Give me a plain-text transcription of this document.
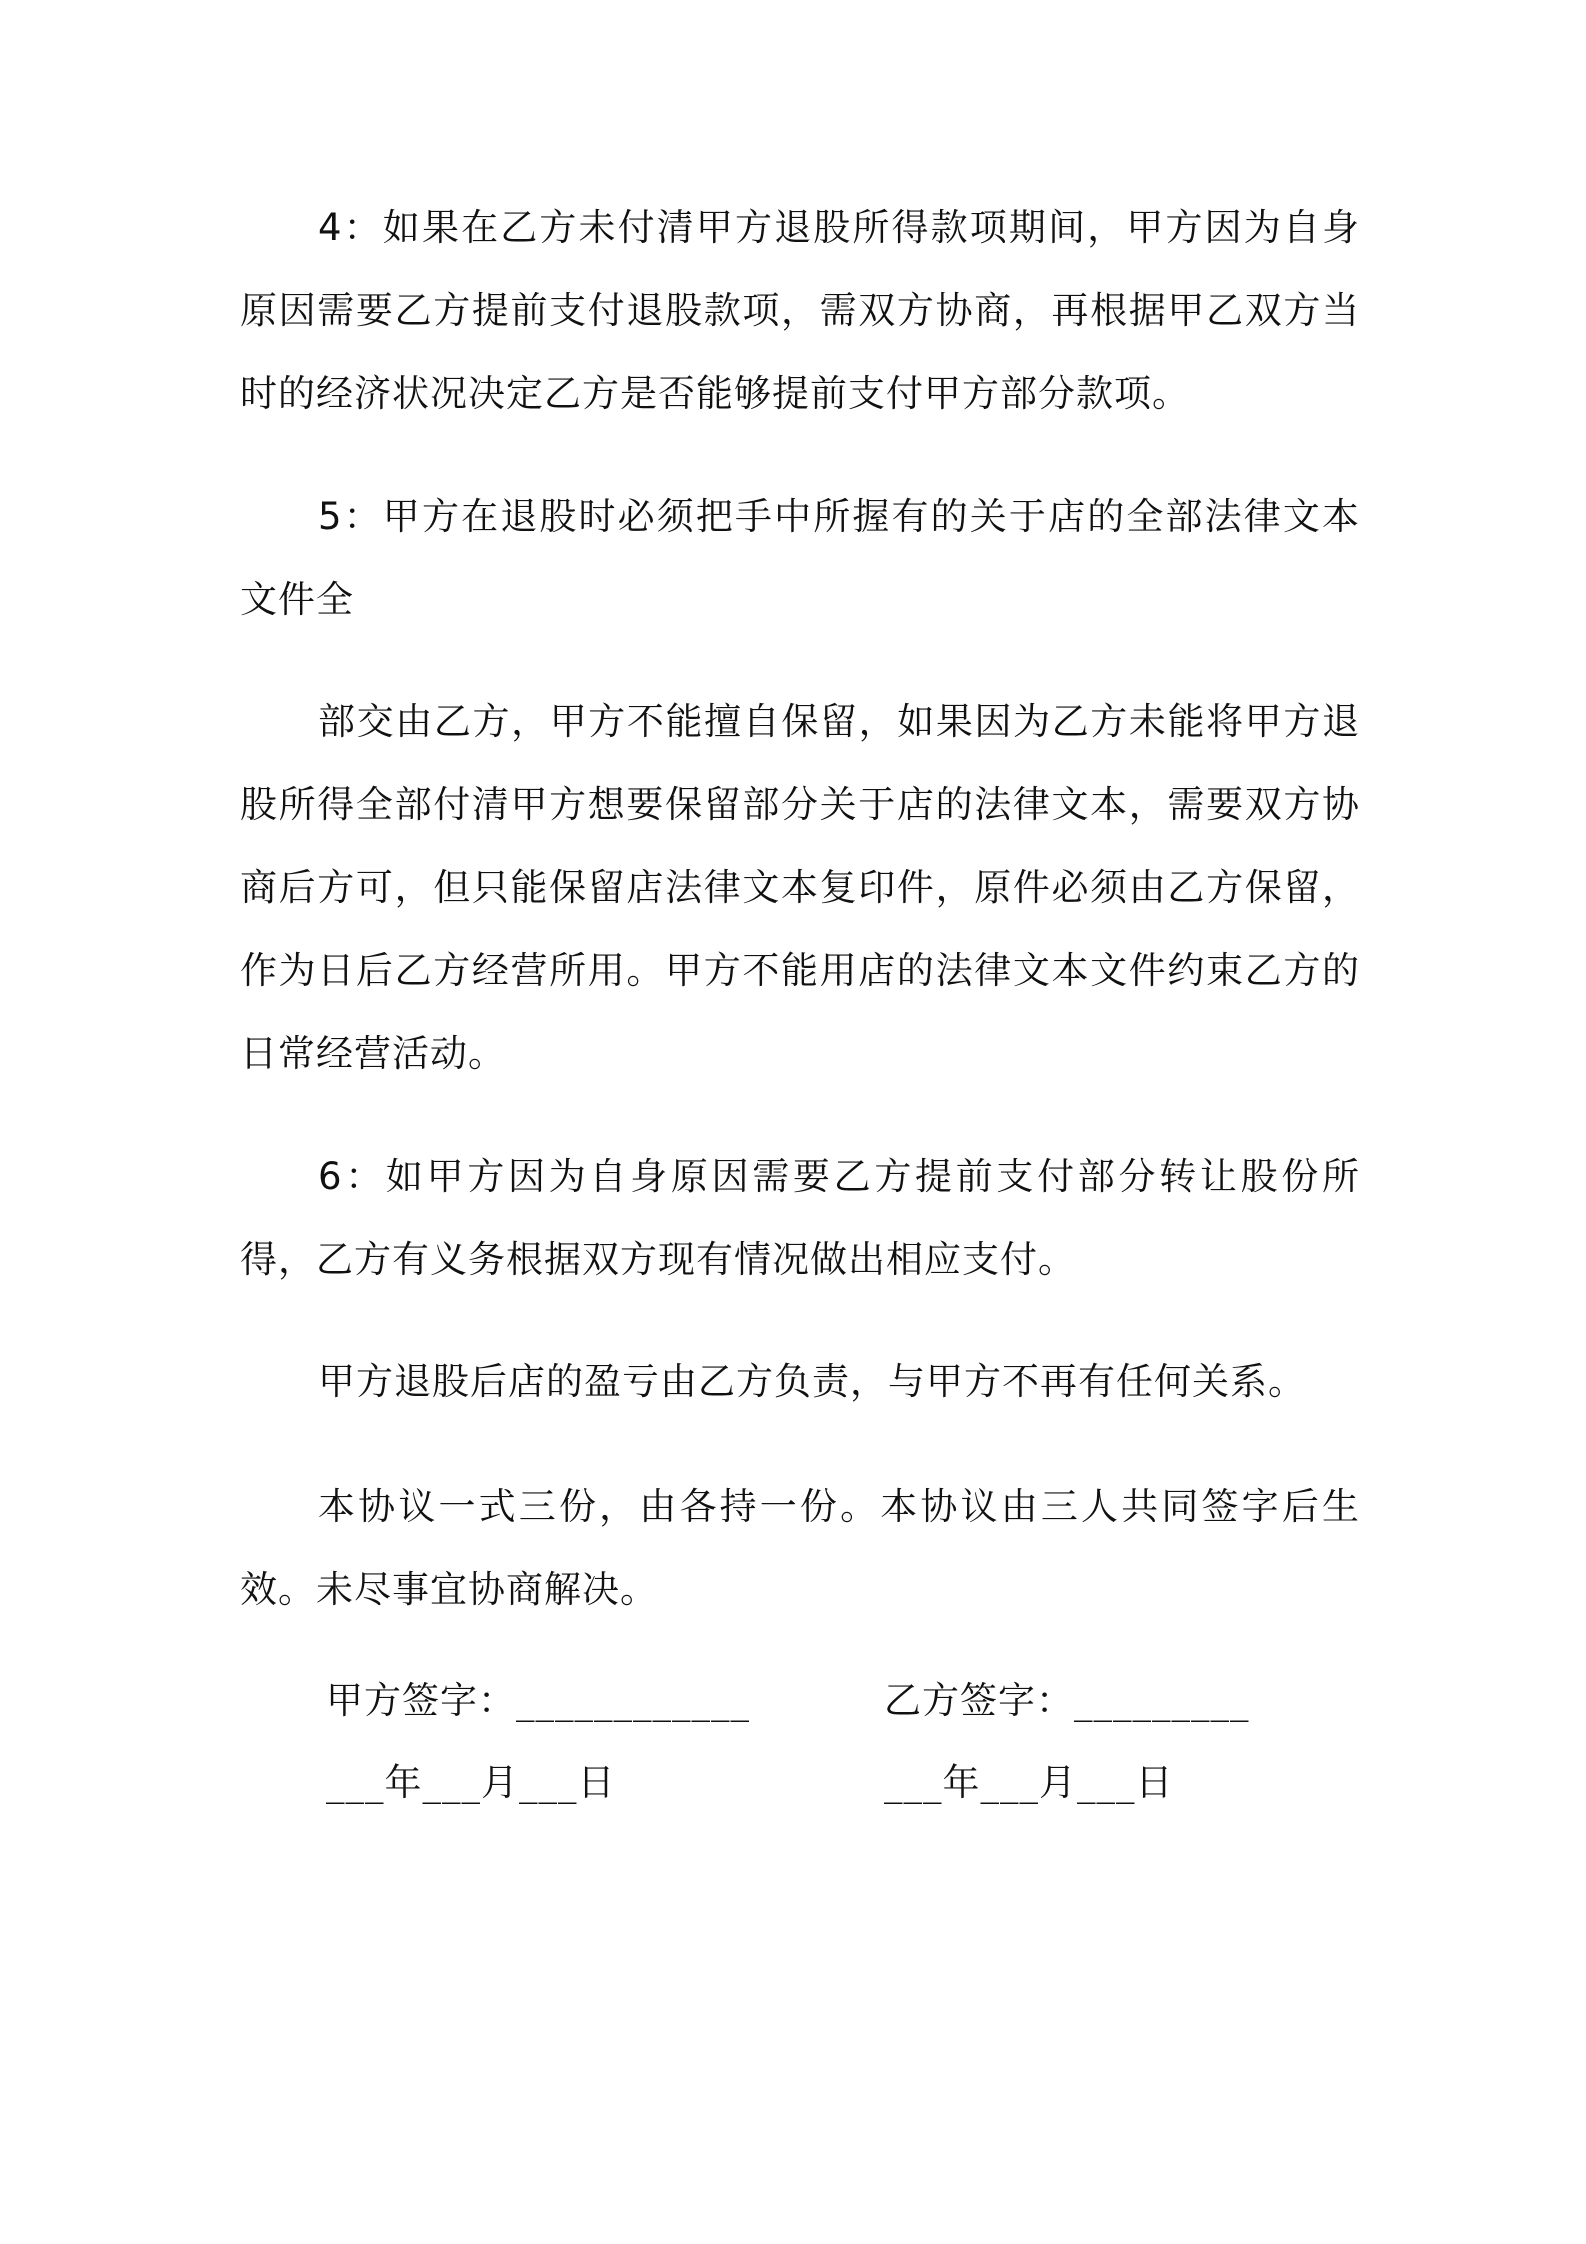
4：如果在乙方未付清甲方退股所得款项期间，甲方因为自身原因需要乙方提前支付退股款项，需双方协商，再根据甲乙双方当时的经济状况决定乙方是否能够提前支付甲方部分款项。

5：甲方在退股时必须把手中所握有的关于店的全部法律文本文件全

部交由乙方，甲方不能擅自保留，如果因为乙方未能将甲方退股所得全部付清甲方想要保留部分关于店的法律文本，需要双方协商后方可，但只能保留店法律文本复印件，原件必须由乙方保留，作为日后乙方经营所用。甲方不能用店的法律文本文件约束乙方的日常经营活动。

6：如甲方因为自身原因需要乙方提前支付部分转让股份所得，乙方有义务根据双方现有情况做出相应支付。

甲方退股后店的盈亏由乙方负责，与甲方不再有任何关系。

本协议一式三份，由各持一份。本协议由三人共同签字后生效。未尽事宜协商解决。

甲方签字：____________
___年___月___日
乙方签字：_________
___年___月___日
